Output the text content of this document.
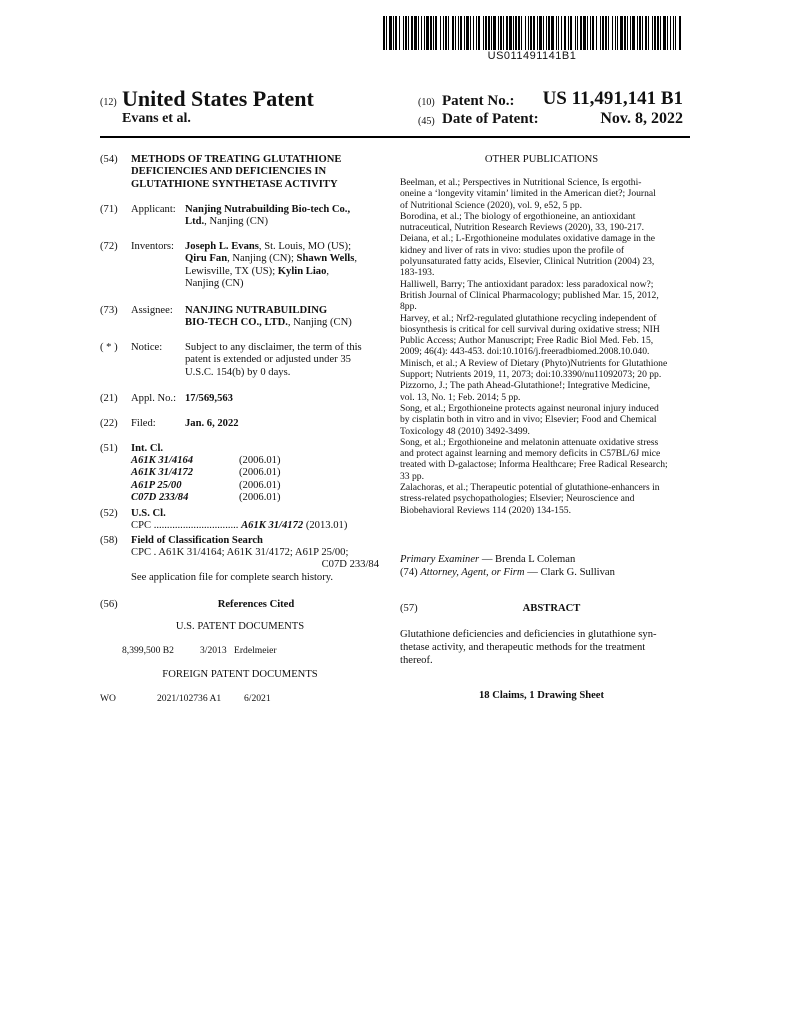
US011491141B1
(12) United States Patent
Evans et al.
(10) Patent No.: US 11,491,141 B1
(45) Date of Patent:	Nov. 8, 2022
(54) METHODS OF TREATING GLUTATHIONE
DEFICIENCIES AND DEFICIENCIES IN
GLUTATHIONE SYNTHETASE ACTIVITY
(71) Applicant: Nanjing Nutrabuilding Bio-tech Co.,
Ltd., Nanjing (CN)
(72) Inventors: Joseph L. Evans, St. Louis, MO (US);
Qiru Fan, Nanjing (CN); Shawn Wells,
Lewisville, TX (US); Kylin Liao,
Nanjing (CN)
(73) Assignee: NANJING NUTRABUILDING
BIO-TECH CO., LTD., Nanjing (CN)
( * ) Notice: Subject to any disclaimer, the term of this
patent is extended or adjusted under 35
U.S.C. 154(b) by 0 days.
(21) Appl. No.: 17/569,563
(22) Filed:	Jan. 6, 2022
(51) Int. Cl.
A61K 31/4164	(2006.01)
A61K 31/4172	(2006.01)
A61P 25/00	(2006.01)
C07D 233/84	(2006.01)
(52) U.S. Cl.
CPC ................................ A61K 31/4172 (2013.01)
(58) Field of Classification Search
CPC . A61K 31/4164; A61K 31/4172; A61P 25/00;
C07D 233/84
See application file for complete search history.
(56)	References Cited
U.S. PATENT DOCUMENTS
8,399,500 B2	3/2013 Erdelmeier
FOREIGN PATENT DOCUMENTS
WO	2021/102736 A1 6/2021
OTHER PUBLICATIONS
Beelman, et al.; Perspectives in Nutritional Science, Is ergothi-
oneine a ‘longevity vitamin’ limited in the American diet?; Journal
of Nutritional Science (2020), vol. 9, e52, 5 pp.
Borodina, et al.; The biology of ergothioneine, an antioxidant
nutraceutical, Nutrition Research Reviews (2020), 33, 190-217.
Deiana, et al.; L-Ergothioneine modulates oxidative damage in the
kidney and liver of rats in vivo: studies upon the profile of
polyunsaturated fatty acids, Elsevier, Clinical Nutrition (2004) 23,
183-193.
Halliwell, Barry; The antioxidant paradox: less paradoxical now?;
British Journal of Clinical Pharmacology; published Mar. 15, 2012,
8pp.
Harvey, et al.; Nrf2-regulated glutathione recycling independent of
biosynthesis is critical for cell survival during oxidative stress; NIH
Public Access; Author Manuscript; Free Radic Biol Med. Feb. 15,
2009; 46(4): 443-453. doi:10.1016/j.freeradbiomed.2008.10.040.
Minisch, et al.; A Review of Dietary (Phyto)Nutrients for Glutathione
Support; Nutrients 2019, 11, 2073; doi:10.3390/nu11092073; 20 pp.
Pizzorno, J.; The path Ahead-Glutathione!; Integrative Medicine,
vol. 13, No. 1; Feb. 2014; 5 pp.
Song, et al.; Ergothioneine protects against neuronal injury induced
by cisplatin both in vitro and in vivo; Elsevier; Food and Chemical
Toxicology 48 (2010) 3492-3499.
Song, et al.; Ergothioneine and melatonin attenuate oxidative stress
and protect against learning and memory deficits in C57BL/6J mice
treated with D-galactose; Informa Healthcare; Free Radical Research;
33 pp.
Zalachoras, et al.; Therapeutic potential of glutathione-enhancers in
stress-related psychopathologies; Elsevier; Neuroscience and
Biobehavioral Reviews 114 (2020) 134-155.
Primary Examiner — Brenda L Coleman
(74) Attorney, Agent, or Firm — Clark G. Sullivan
(57)	ABSTRACT
Glutathione deficiencies and deficiencies in glutathione syn-
thetase activity, and therapeutic methods for the treatment
thereof.
18 Claims, 1 Drawing Sheet
